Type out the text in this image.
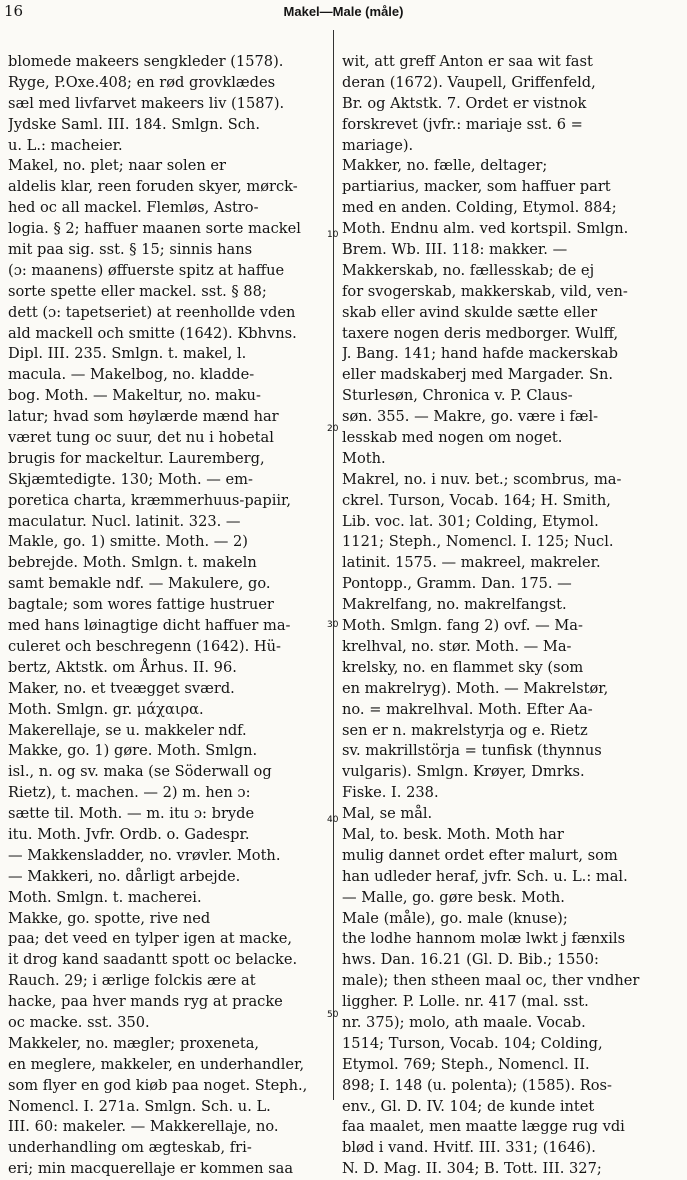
16	Makel—Male (måle)
blomede makeers sengkleder (1578).
Ryge, P.Oxe.408; en rød grovklædes
sæl med livfarvet makeers liv (1587).
Jydske Saml. III. 184. Smlgn. Sch.
u. L.: macheier.
Makel, no. plet; naar solen er
aldelis klar, reen foruden skyer, mørck-
hed oc all mackel. Flemløs, Astro-
logia. § 2; haffuer maanen sorte mackel
mit paa sig. sst. § 15; sinnis hans
(ɔ: maanens) øffuerste spitz at haffue
sorte spette eller mackel. sst. § 88;
dett (ɔ: tapetseriet) at reenhollde vden
ald mackell och smitte (1642). Kbhvns.
Dipl. III. 235. Smlgn. t. makel, l.
macula. — Makelbog, no. kladde-
bog. Moth. — Makeltur, no. maku-
latur; hvad som høylærde mænd har
været tung oc suur, det nu i hobetal
brugis for mackeltur. Lauremberg,
Skjæmtedigte. 130; Moth. — em-
poretica charta, kræmmerhuus-papiir,
maculatur. Nucl. latinit. 323. —
Makle, go. 1) smitte. Moth. — 2)
bebrejde. Moth. Smlgn. t. makeln
samt bemakle ndf. — Makulere, go.
bagtale; som wores fattige hustruer
med hans løinagtige dicht haffuer ma-
culeret och beschregenn (1642). Hü-
bertz, Aktstk. om Århus. II. 96.
Maker, no. et tveægget sværd.
Moth. Smlgn. gr. μάχαιρα.
Makerellaje, se u. makkeler ndf.
Makke, go. 1) gøre. Moth. Smlgn.
isl., n. og sv. maka (se Söderwall og
Rietz), t. machen. — 2) m. hen ɔ:
sætte til. Moth. — m. itu ɔ: bryde
itu. Moth. Jvfr. Ordb. o. Gadespr.
— Makkensladder, no. vrøvler. Moth.
— Makkeri, no. dårligt arbejde.
Moth. Smlgn. t. macherei.
Makke, go. spotte, rive ned
paa; det veed en tylper igen at macke,
it drog kand saadantt spott oc belacke.
Rauch. 29; i ærlige folckis ære at
hacke, paa hver mands ryg at pracke
oc macke. sst. 350.
Makkeler, no. mægler; proxeneta,
en meglere, makkeler, en underhandler,
som flyer en god kiøb paa noget. Steph.,
Nomencl. I. 271a. Smlgn. Sch. u. L.
III. 60: makeler. — Makkerellaje, no.
underhandling om ægteskab, fri-
eri; min macquerellaje er kommen saa
wit, att greff Anton er saa wit fast
deran (1672). Vaupell, Griffenfeld,
Br. og Aktstk. 7. Ordet er vistnok
forskrevet (jvfr.: mariaje sst. 6 =
mariage).
Makker, no. fælle, deltager;
partiarius, macker, som haffuer part
med en anden. Colding, Etymol. 884;
Moth. Endnu alm. ved kortspil. Smlgn.
Brem. Wb. III. 118: makker. —
Makkerskab, no. fællesskab; de ej
for svogerskab, makkerskab, vild, ven-
skab eller avind skulde sætte eller
taxere nogen deris medborger. Wulff,
J. Bang. 141; hand hafde mackerskab
eller madskaberj med Margader. Sn.
Sturlesøn, Chronica v. P. Claus-
søn. 355. — Makre, go. være i fæl-
lesskab med nogen om noget.
Moth.
Makrel, no. i nuv. bet.; scombrus, ma-
ckrel. Turson, Vocab. 164; H. Smith,
Lib. voc. lat. 301; Colding, Etymol.
1121; Steph., Nomencl. I. 125; Nucl.
latinit. 1575. — makreel, makreler.
Pontopp., Gramm. Dan. 175. —
Makrelfang, no. makrelfangst.
Moth. Smlgn. fang 2) ovf. — Ma-
krelhval, no. stør. Moth. — Ma-
krelsky, no. en flammet sky (som
en makrelryg). Moth. — Makrelstør,
no. = makrelhval. Moth. Efter Aa-
sen er n. makrelstyrja og e. Rietz
sv. makrillstörja = tunfisk (thynnus
vulgaris). Smlgn. Krøyer, Dmrks.
Fiske. I. 238.
Mal, se mål.
Mal, to. besk. Moth. Moth har
mulig dannet ordet efter malurt, som
han udleder heraf, jvfr. Sch. u. L.: mal.
— Malle, go. gøre besk. Moth.
Male (måle), go. male (knuse);
the lodhe hannom molæ lwkt j fænxils
hws. Dan. 16.21 (Gl. D. Bib.; 1550:
male); then stheen maal oc, ther vndher
liggher. P. Lolle. nr. 417 (mal. sst.
nr. 375); molo, ath maale. Vocab.
1514; Turson, Vocab. 104; Colding,
Etymol. 769; Steph., Nomencl. II.
898; I. 148 (u. polenta); (1585). Ros-
env., Gl. D. IV. 104; de kunde intet
faa maalet, men maatte lægge rug vdi
blød i vand. Hvitf. III. 331; (1646).
N. D. Mag. II. 304; B. Tott. III. 327;
10
20
30
40
50
